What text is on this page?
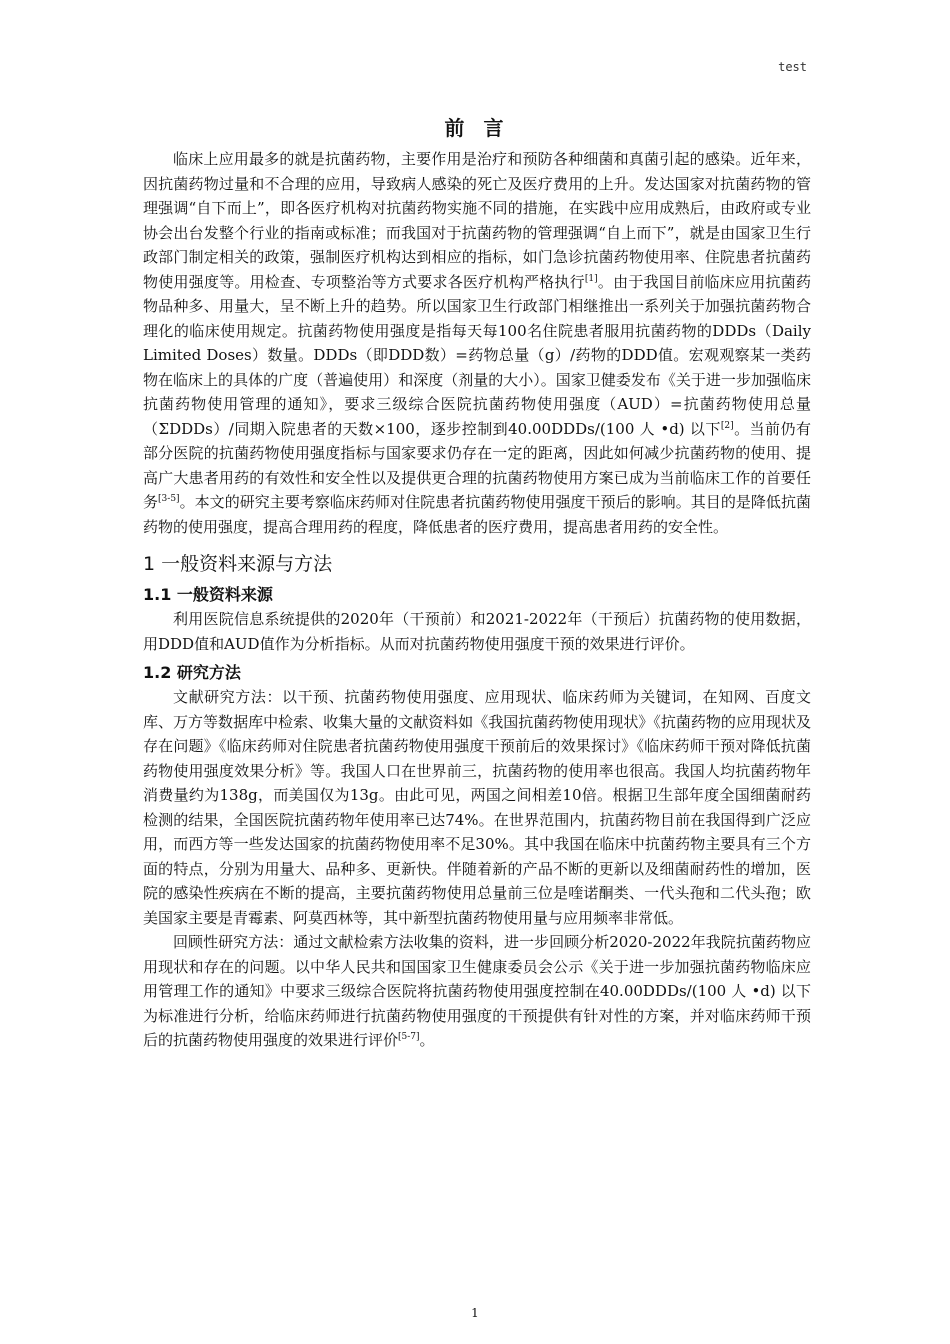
test
前 言

临床上应用最多的就是抗菌药物，主要作用是治疗和预防各种细菌和真菌引起的感染。近年来，因抗菌药物过量和不合理的应用，导致病人感染的死亡及医疗费用的上升。发达国家对抗菌药物的管理强调“自下而上”，即各医疗机构对抗菌药物实施不同的措施，在实践中应用成熟后，由政府或专业协会出台发整个行业的指南或标准；而我国对于抗菌药物的管理强调“自上而下”，就是由国家卫生行政部门制定相关的政策，强制医疗机构达到相应的指标，如门急诊抗菌药物使用率、住院患者抗菌药物使用强度等。用检查、专项整治等方式要求各医疗机构严格执行[1]。由于我国目前临床应用抗菌药物品种多、用量大，呈不断上升的趋势。所以国家卫生行政部门相继推出一系列关于加强抗菌药物合理化的临床使用规定。抗菌药物使用强度是指每天每100名住院患者服用抗菌药物的DDDs（Daily Limited Doses）数量。DDDs（即DDD数）=药物总量（g）/药物的DDD值。宏观观察某一类药物在临床上的具体的广度（普遍使用）和深度（剂量的大小）。国家卫健委发布《关于进一步加强临床抗菌药物使用管理的通知》，要求三级综合医院抗菌药物使用强度（AUD）=抗菌药物使用总量（ΣDDDs）/同期入院患者的天数×100，逐步控制到40.00DDDs/(100 人 •d) 以下[2]。当前仍有部分医院的抗菌药物使用强度指标与国家要求仍存在一定的距离，因此如何减少抗菌药物的使用、提高广大患者用药的有效性和安全性以及提供更合理的抗菌药物使用方案已成为当前临床工作的首要任务[3-5]。本文的研究主要考察临床药师对住院患者抗菌药物使用强度干预后的影响。其目的是降低抗菌药物的使用强度，提高合理用药的程度，降低患者的医疗费用，提高患者用药的安全性。

1 一般资料来源与方法
1.1 一般资料来源

利用医院信息系统提供的2020年（干预前）和2021-2022年（干预后）抗菌药物的使用数据，用DDD值和AUD值作为分析指标。从而对抗菌药物使用强度干预的效果进行评价。

1.2 研究方法

文献研究方法：以干预、抗菌药物使用强度、应用现状、临床药师为关键词，在知网、百度文库、万方等数据库中检索、收集大量的文献资料如《我国抗菌药物使用现状》《抗菌药物的应用现状及存在问题》《临床药师对住院患者抗菌药物使用强度干预前后的效果探讨》《临床药师干预对降低抗菌药物使用强度效果分析》等。我国人口在世界前三，抗菌药物的使用率也很高。我国人均抗菌药物年消费量约为138g，而美国仅为13g。由此可见，两国之间相差10倍。根据卫生部年度全国细菌耐药检测的结果，全国医院抗菌药物年使用率已达74%。在世界范围内，抗菌药物目前在我国得到广泛应用，而西方等一些发达国家的抗菌药物使用率不足30%。其中我国在临床中抗菌药物主要具有三个方面的特点，分别为用量大、品种多、更新快。伴随着新的产品不断的更新以及细菌耐药性的增加，医院的感染性疾病在不断的提高，主要抗菌药物使用总量前三位是喹诺酮类、一代头孢和二代头孢；欧美国家主要是青霉素、阿莫西林等，其中新型抗菌药物使用量与应用频率非常低。

回顾性研究方法：通过文献检索方法收集的资料，进一步回顾分析2020-2022年我院抗菌药物应用现状和存在的问题。以中华人民共和国国家卫生健康委员会公示《关于进一步加强抗菌药物临床应用管理工作的通知》中要求三级综合医院将抗菌药物使用强度控制在40.00DDDs/(100 人 •d) 以下为标准进行分析，给临床药师进行抗菌药物使用强度的干预提供有针对性的方案，并对临床药师干预后的抗菌药物使用强度的效果进行评价[5-7]。

1
